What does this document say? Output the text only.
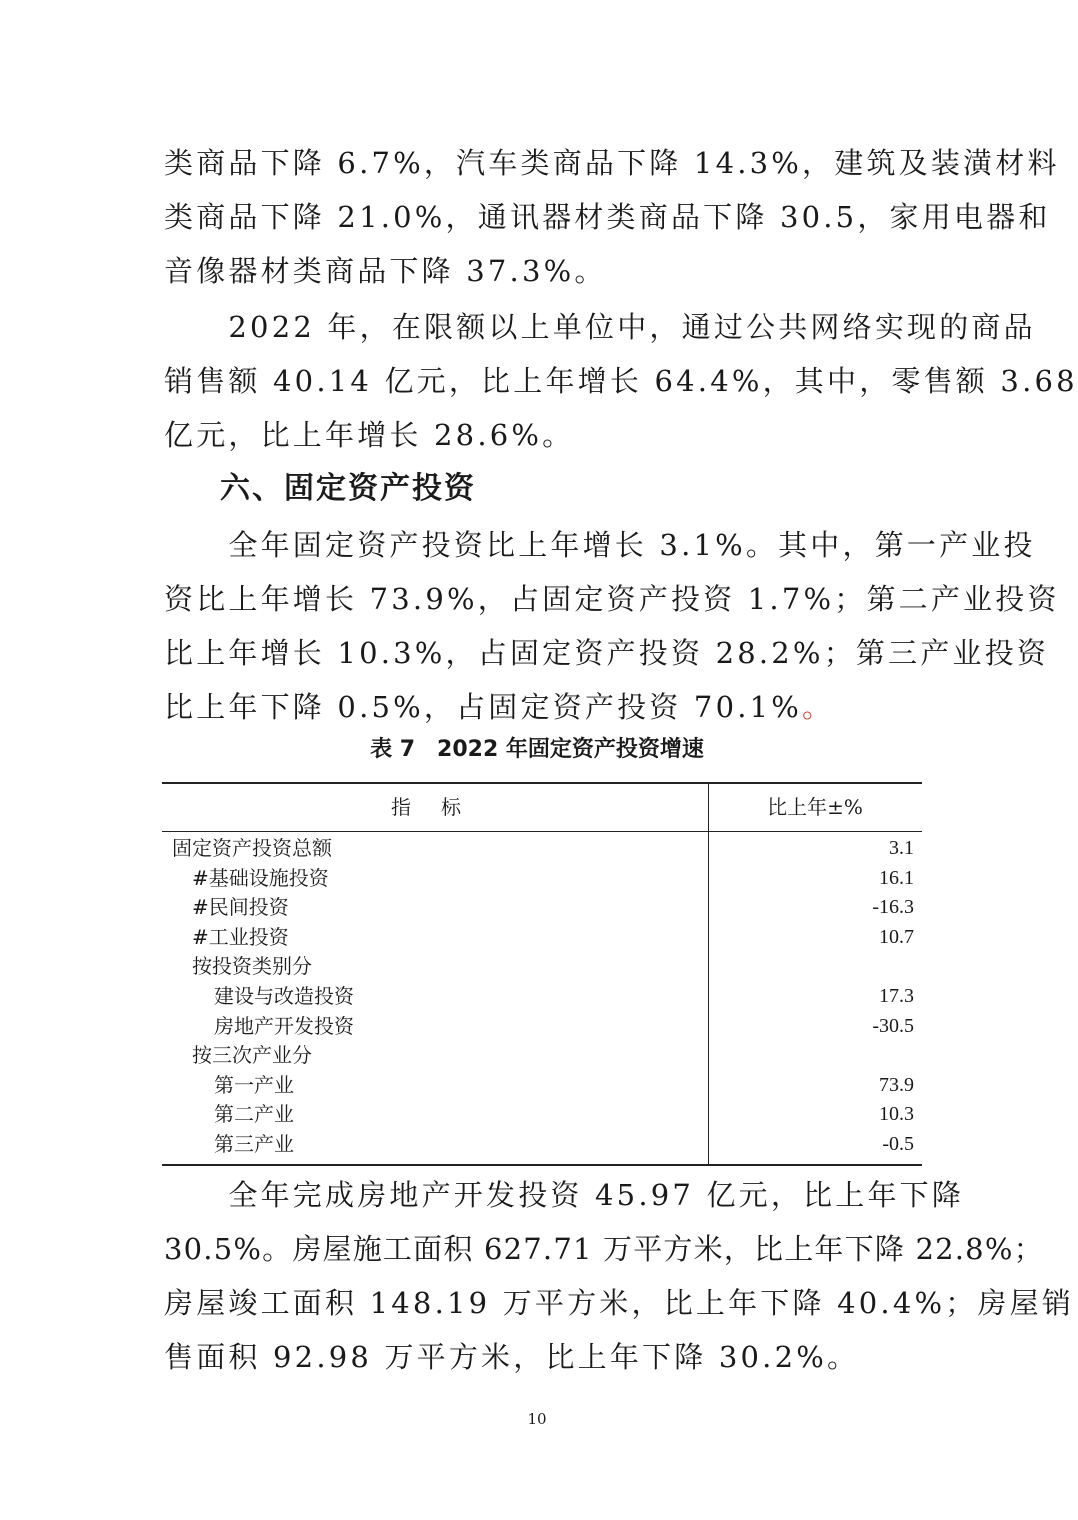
类商品下降 6.7%，汽车类商品下降 14.3%，建筑及装潢材料
类商品下降 21.0%，通讯器材类商品下降 30.5，家用电器和
音像器材类商品下降 37.3%。
　　2022 年，在限额以上单位中，通过公共网络实现的商品
销售额 40.14 亿元，比上年增长 64.4%，其中，零售额 3.68
亿元，比上年增长 28.6%。
六、固定资产投资
　　全年固定资产投资比上年增长 3.1%。其中，第一产业投
资比上年增长 73.9%，占固定资产投资 1.7%；第二产业投资
比上年增长 10.3%，占固定资产投资 28.2%；第三产业投资
比上年下降 0.5%，占固定资产投资 70.1%。
表 7　2022 年固定资产投资增速
指标	比上年±%
固定资产投资总额	3.1
#基础设施投资	16.1
#民间投资	-16.3
#工业投资	10.7
按投资类别分
建设与改造投资	17.3
房地产开发投资	-30.5
按三次产业分
第一产业	73.9
第二产业	10.3
第三产业	-0.5
　　全年完成房地产开发投资 45.97 亿元，比上年下降
30.5%。房屋施工面积 627.71 万平方米，比上年下降 22.8%；
房屋竣工面积 148.19 万平方米，比上年下降 40.4%；房屋销
售面积 92.98 万平方米，比上年下降 30.2%。
10
